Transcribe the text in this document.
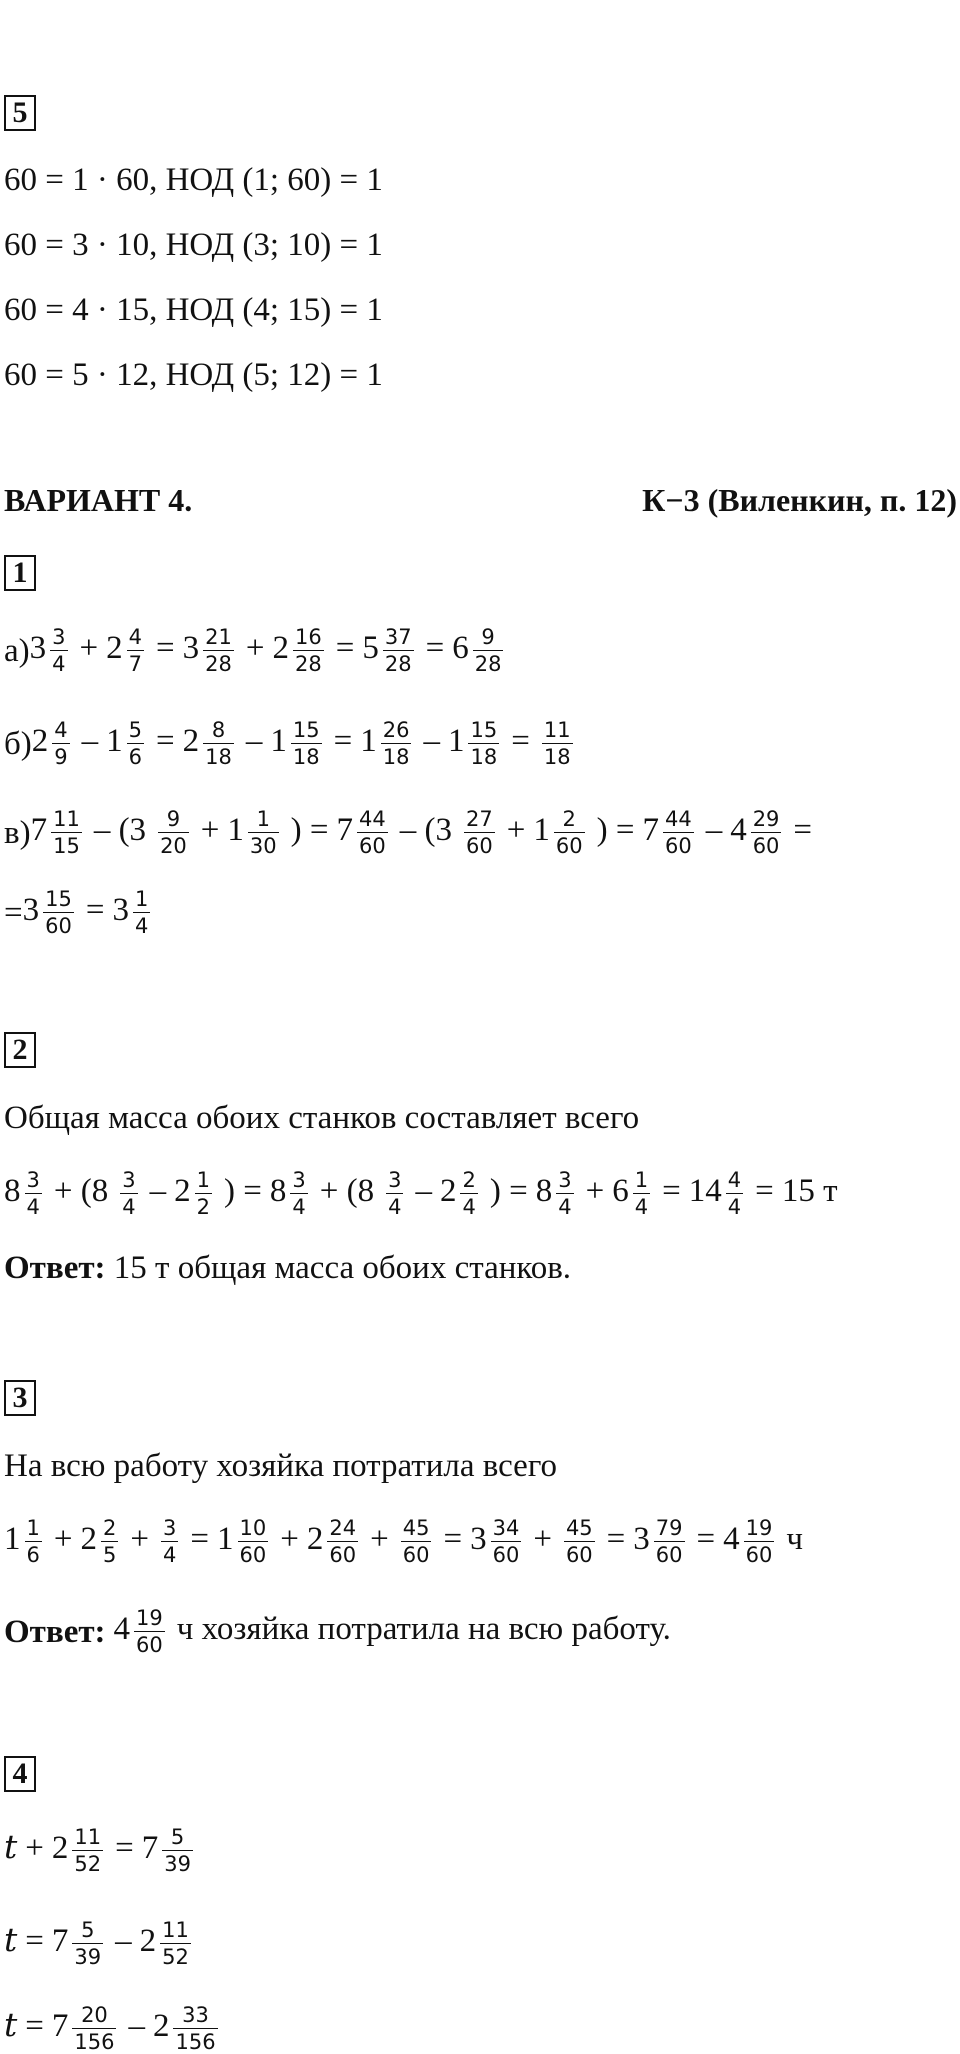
5
60 = 1 · 60, НОД (1; 60) = 1
60 = 3 · 10, НОД (3; 10) = 1
60 = 4 · 15, НОД (4; 15) = 1
60 = 5 · 12, НОД (5; 12) = 1
ВАРИАНТ 4.	К−3 (Виленкин, п. 12)
1
а) $3 \frac{3}{4} + 2 \frac{4}{7} = 3 \frac{21}{28} + 2 \frac{16}{28} = 5 \frac{37}{28} = 6 \frac{9}{28}$
б) $2 \frac{4}{9} - 1 \frac{5}{6} = 2 \frac{8}{18} - 1 \frac{15}{18} = 1 \frac{26}{18} - 1 \frac{15}{18} = \frac{11}{18}$
в) $7 \frac{11}{15} - (3 \frac{9}{20} + 1 \frac{1}{30}$ ) = $7 \frac{44}{60} - (3 \frac{27}{60} + 1 \frac{2}{60}$ ) = $7 \frac{44}{60} - 4 \frac{29}{60}$ =
= $3 \frac{15}{60} = 3 \frac{1}{4}$
2
Общая масса обоих станков составляет всего
$8 \frac{3}{4} + (8 \frac{3}{4} - 2 \frac{1}{2}$ ) = $8 \frac{3}{4} + (8 \frac{3}{4} - 2 \frac{2}{4}$ ) = $8 \frac{3}{4} + 6 \frac{1}{4} = 14 \frac{4}{4} = 15$ т
Ответ: 15 т общая масса обоих станков.
3
На всю работу хозяйка потратила всего
$1 \frac{1}{6} + 2 \frac{2}{5} + \frac{3}{4} = 1 \frac{10}{60} + 2 \frac{24}{60} + \frac{45}{60} = 3 \frac{34}{60} + \frac{45}{60} = 3 \frac{79}{60} = 4 \frac{19}{60}$ ч
Ответ: $4 \frac{19}{60}$ ч хозяйка потратила на всю работу.
4
$t + 2 \frac{11}{52} = 7 \frac{5}{39}$
$t = 7 \frac{5}{39} - 2 \frac{11}{52}$
$t = 7 \frac{20}{156} - 2 \frac{33}{156}$
